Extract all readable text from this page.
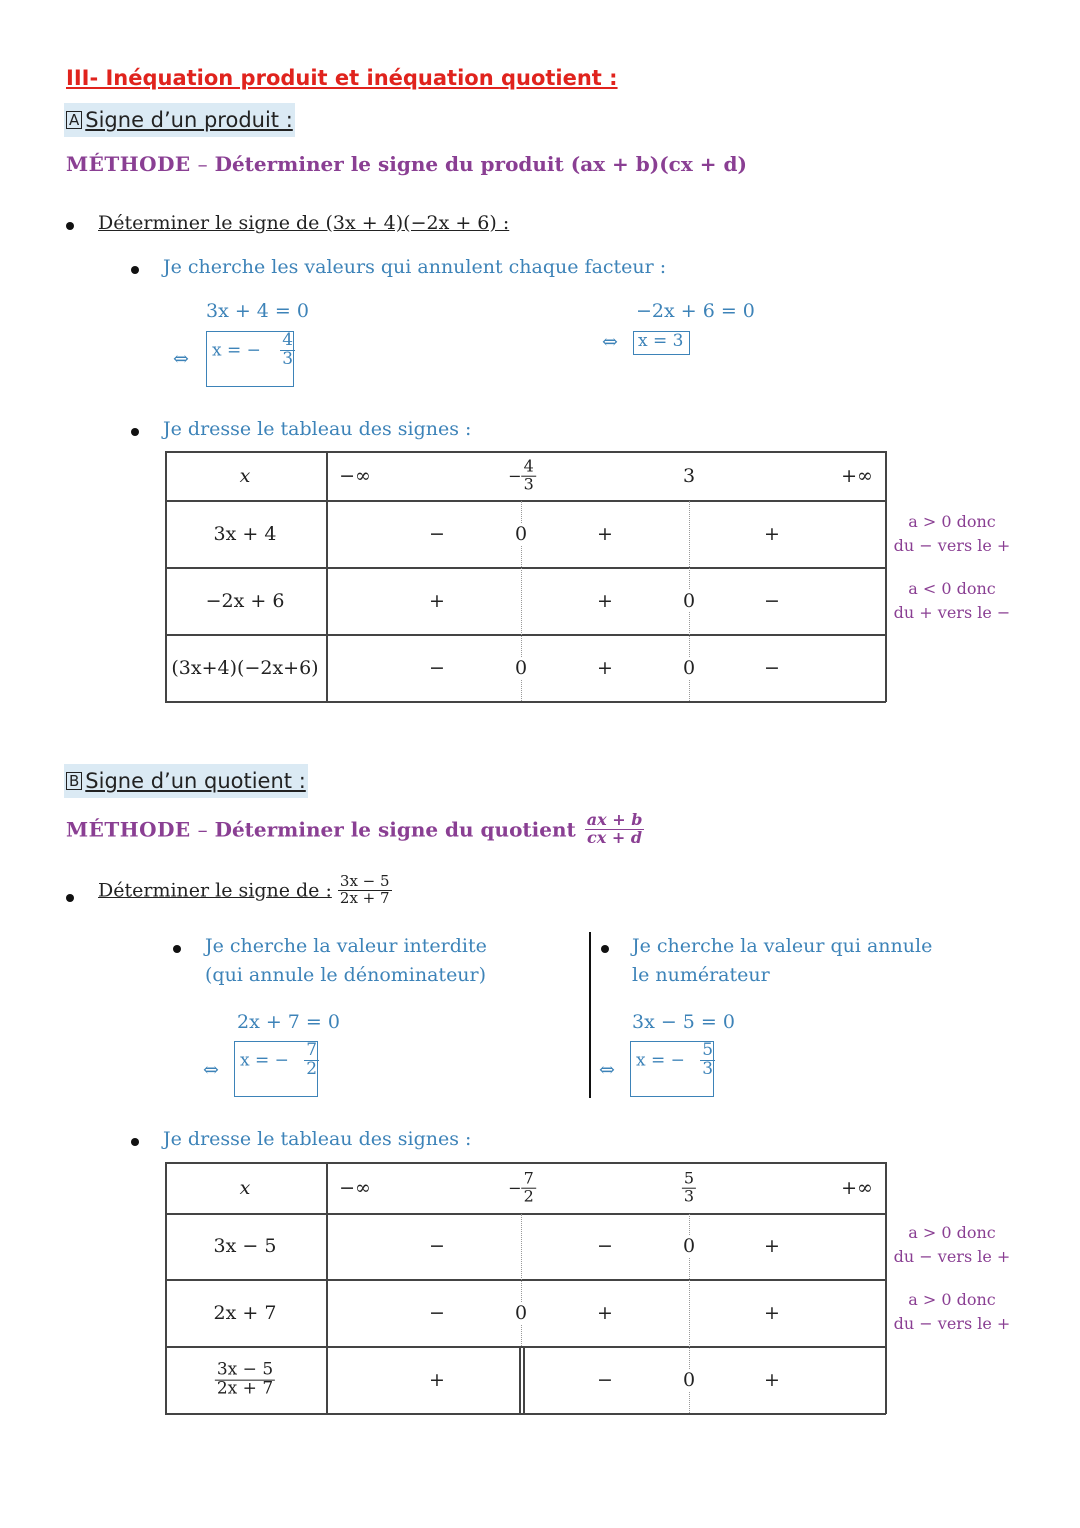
III- Inéquation produit et inéquation quotient :
A Signe d’un produit :
MÉTHODE – Déterminer le signe du produit (ax + b)(cx + d)
Déterminer le signe de (3x + 4)(−2x + 6) :
Je cherche les valeurs qui annulent chaque facteur :
3x + 4 = 0
⇔ x = − $\frac{4}{3}$
−2x + 6 = 0
⇔ x = 3
Je dresse le tableau des signes :
x	−∞	− $\frac{4}{3}$	3	+∞
3x + 4	−	0	+	+
−2x + 6	+	+	0	−
(3x+4)(−2x+6)	−	0	+	0	−
a > 0 donc
du − vers le +
a < 0 donc
du + vers le −
B Signe d’un quotient :
MÉTHODE – Déterminer le signe du quotient $\frac{ax + b}{cx + d}$
Déterminer le signe de : $\frac{3x - 5}{2x + 7}$
Je cherche la valeur interdite
(qui annule le dénominateur)
2x + 7 = 0
⇔ x = − $\frac{7}{2}$
Je cherche la valeur qui annule
le numérateur
3x − 5 = 0
⇔ x = − $\frac{5}{3}$
Je dresse le tableau des signes :
x	−∞	− $\frac{7}{2}$	$\frac{5}{3}$	+∞
3x − 5	−	−	0	+
2x + 7	−	0	+	+
$\frac{3x - 5}{2x + 7}$	+	−	0	+
a > 0 donc
du − vers le +
a > 0 donc
du − vers le +
